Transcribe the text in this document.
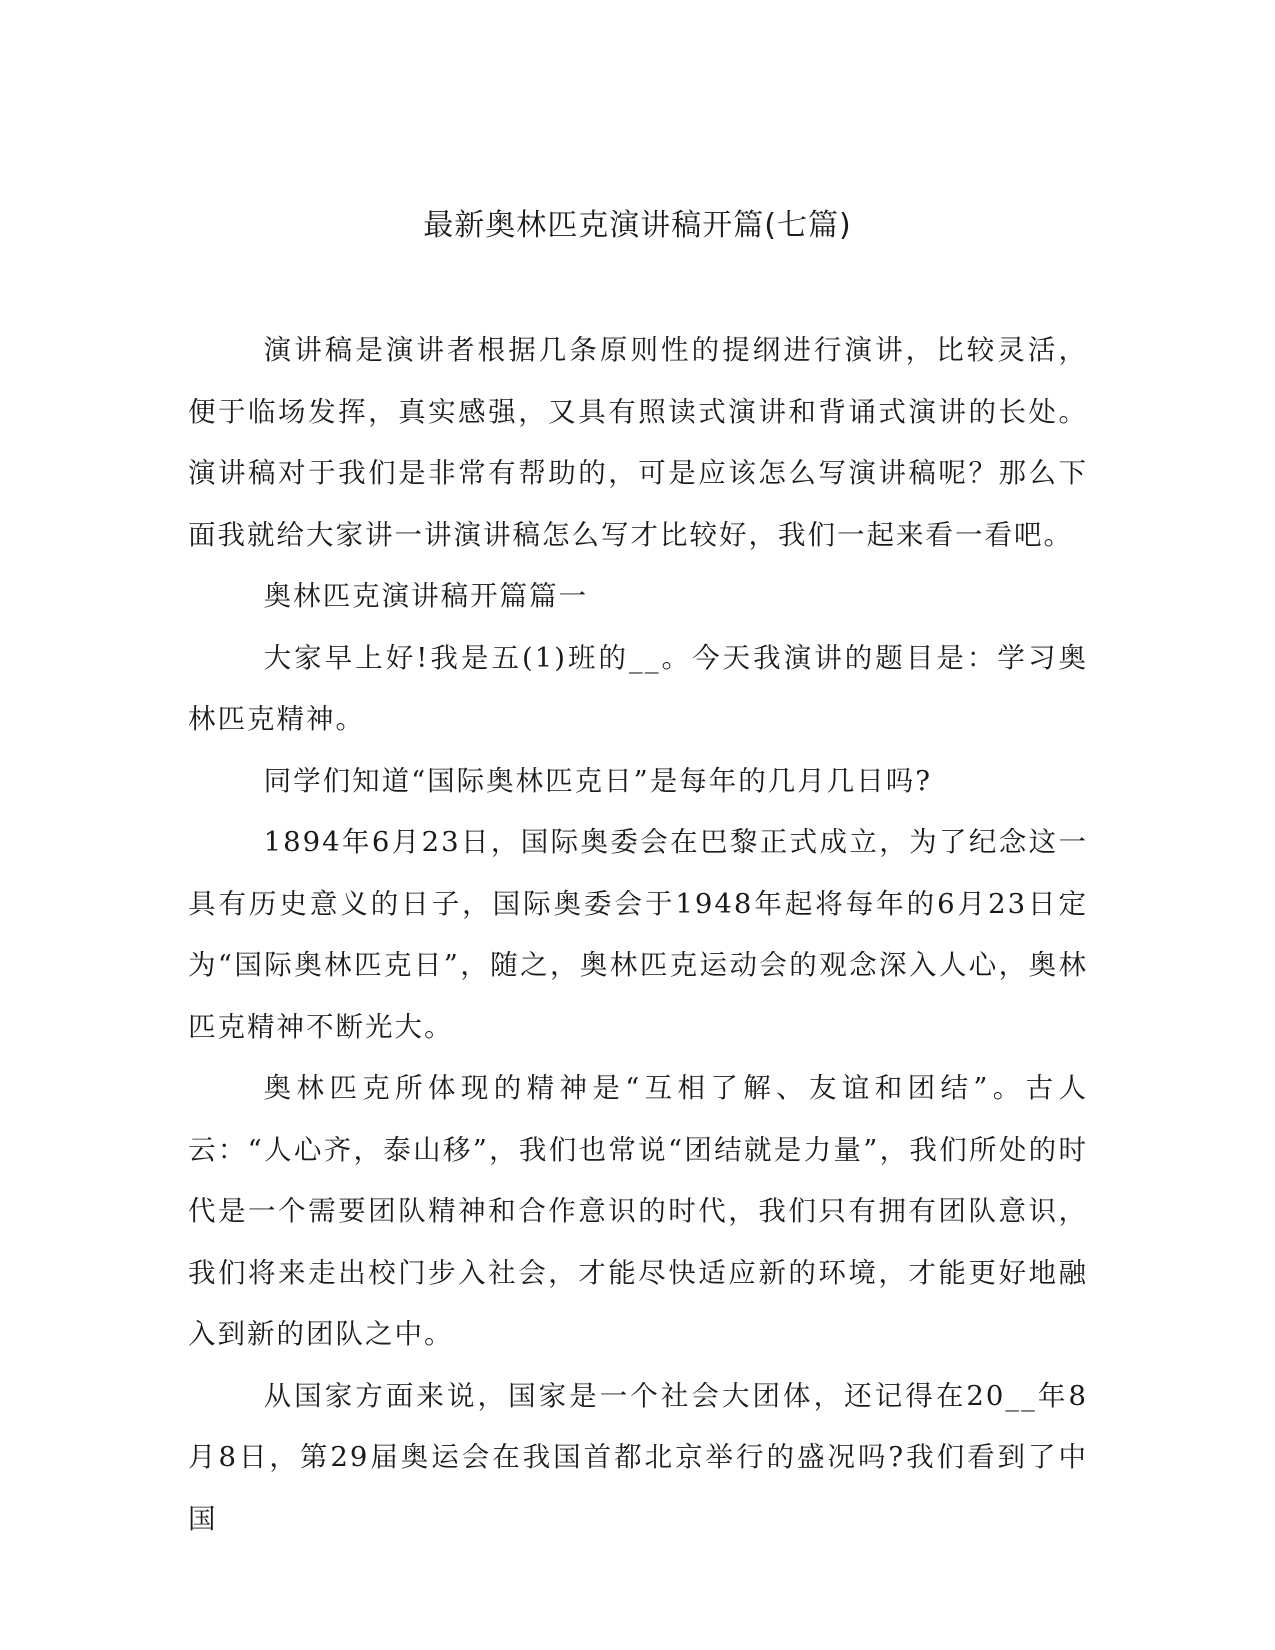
最新奥林匹克演讲稿开篇(七篇)

演讲稿是演讲者根据几条原则性的提纲进行演讲，比较灵活，便于临场发挥，真实感强，又具有照读式演讲和背诵式演讲的长处。演讲稿对于我们是非常有帮助的，可是应该怎么写演讲稿呢？那么下面我就给大家讲一讲演讲稿怎么写才比较好，我们一起来看一看吧。

奥林匹克演讲稿开篇篇一

大家早上好!我是五(1)班的__。今天我演讲的题目是：学习奥林匹克精神。

同学们知道“国际奥林匹克日”是每年的几月几日吗?

1894年6月23日，国际奥委会在巴黎正式成立，为了纪念这一具有历史意义的日子，国际奥委会于1948年起将每年的6月23日定为“国际奥林匹克日”，随之，奥林匹克运动会的观念深入人心，奥林匹克精神不断光大。

奥林匹克所体现的精神是“互相了解、友谊和团结”。古人云：“人心齐，泰山移”，我们也常说“团结就是力量”，我们所处的时代是一个需要团队精神和合作意识的时代，我们只有拥有团队意识，我们将来走出校门步入社会，才能尽快适应新的环境，才能更好地融入到新的团队之中。

从国家方面来说，国家是一个社会大团体，还记得在20__年8月8日，第29届奥运会在我国首都北京举行的盛况吗?我们看到了中国
